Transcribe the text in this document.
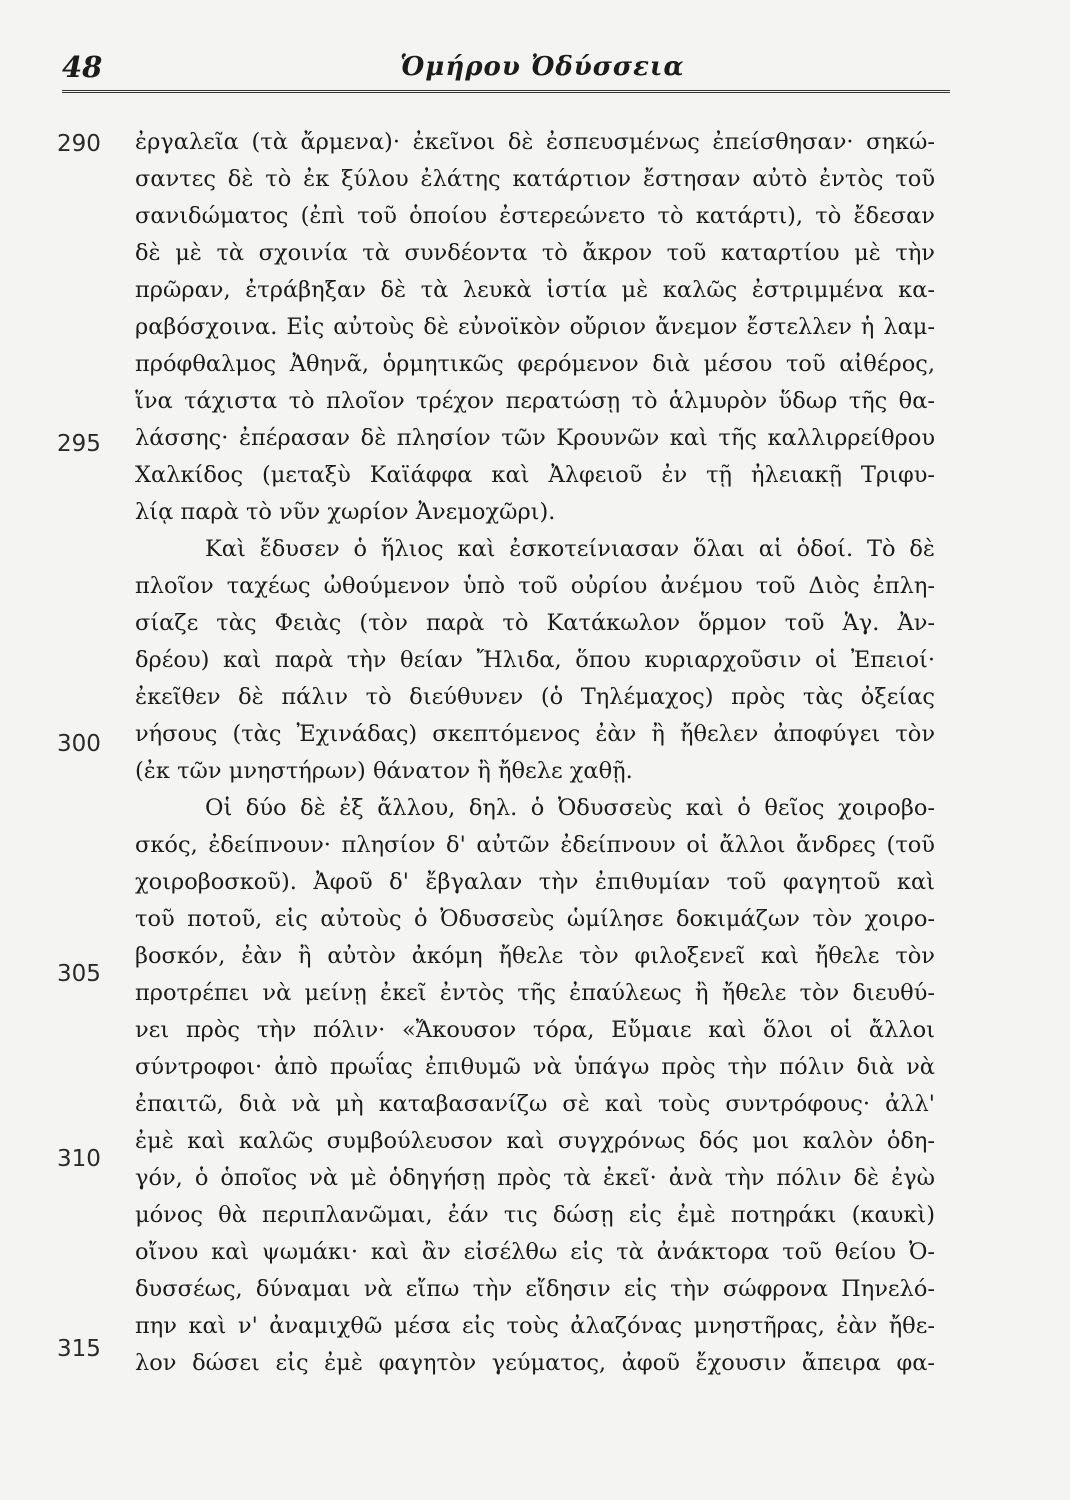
48	Ὁμήρου Ὀδύσσεια
290
295
300
305
310
315
ἐργαλεῖα (τὰ ἄρμενα)· ἐκεῖνοι δὲ ἐσπευσμένως ἐπείσθησαν· σηκώ-
σαντες δὲ τὸ ἐκ ξύλου ἐλάτης κατάρτιον ἔστησαν αὐτὸ ἐντὸς τοῦ
σανιδώματος (ἐπὶ τοῦ ὁποίου ἐστερεώνετο τὸ κατάρτι), τὸ ἔδεσαν
δὲ μὲ τὰ σχοινία τὰ συνδέοντα τὸ ἄκρον τοῦ καταρτίου μὲ τὴν
πρῶραν, ἐτράβηξαν δὲ τὰ λευκὰ ἱστία μὲ καλῶς ἐστριμμένα κα-
ραβόσχοινα. Εἰς αὐτοὺς δὲ εὐνοϊκὸν οὔριον ἄνεμον ἔστελλεν ἡ λαμ-
πρόφθαλμος Ἀθηνᾶ, ὁρμητικῶς φερόμενον διὰ μέσου τοῦ αἰθέρος,
ἵνα τάχιστα τὸ πλοῖον τρέχον περατώσῃ τὸ ἁλμυρὸν ὕδωρ τῆς θα-
λάσσης· ἐπέρασαν δὲ πλησίον τῶν Κρουνῶν καὶ τῆς καλλιρρείθρου
Χαλκίδος (μεταξὺ Καϊάφφα καὶ Ἀλφειοῦ ἐν τῇ ἠλειακῇ Τριφυ-
λίᾳ παρὰ τὸ νῦν χωρίον Ἀνεμοχῶρι).
Καὶ ἔδυσεν ὁ ἥλιος καὶ ἐσκοτείνιασαν ὅλαι αἱ ὁδοί. Τὸ δὲ
πλοῖον ταχέως ὠθούμενον ὑπὸ τοῦ οὐρίου ἀνέμου τοῦ Διὸς ἐπλη-
σίαζε τὰς Φειὰς (τὸν παρὰ τὸ Κατάκωλον ὅρμον τοῦ Ἁγ. Ἀν-
δρέου) καὶ παρὰ τὴν θείαν Ἤλιδα, ὅπου κυριαρχοῦσιν οἱ Ἐπειοί·
ἐκεῖθεν δὲ πάλιν τὸ διεύθυνεν (ὁ Τηλέμαχος) πρὸς τὰς ὀξείας
νήσους (τὰς Ἐχινάδας) σκεπτόμενος ἐὰν ἢ ἤθελεν ἀποφύγει τὸν
(ἐκ τῶν μνηστήρων) θάνατον ἢ ἤθελε χαθῇ.
Οἱ δύο δὲ ἐξ ἄλλου, δηλ. ὁ Ὀδυσσεὺς καὶ ὁ θεῖος χοιροβο-
σκός, ἐδείπνουν· πλησίον δ' αὐτῶν ἐδείπνουν οἱ ἄλλοι ἄνδρες (τοῦ
χοιροβοσκοῦ). Ἀφοῦ δ' ἔβγαλαν τὴν ἐπιθυμίαν τοῦ φαγητοῦ καὶ
τοῦ ποτοῦ, εἰς αὐτοὺς ὁ Ὀδυσσεὺς ὡμίλησε δοκιμάζων τὸν χοιρο-
βοσκόν, ἐὰν ἢ αὐτὸν ἀκόμη ἤθελε τὸν φιλοξενεῖ καὶ ἤθελε τὸν
προτρέπει νὰ μείνῃ ἐκεῖ ἐντὸς τῆς ἐπαύλεως ἢ ἤθελε τὸν διευθύ-
νει πρὸς τὴν πόλιν· «Ἄκουσον τόρα, Εὔμαιε καὶ ὅλοι οἱ ἄλλοι
σύντροφοι· ἀπὸ πρωΐας ἐπιθυμῶ νὰ ὑπάγω πρὸς τὴν πόλιν διὰ νὰ
ἐπαιτῶ, διὰ νὰ μὴ καταβασανίζω σὲ καὶ τοὺς συντρόφους· ἀλλ'
ἐμὲ καὶ καλῶς συμβούλευσον καὶ συγχρόνως δός μοι καλὸν ὁδη-
γόν, ὁ ὁποῖος νὰ μὲ ὁδηγήσῃ πρὸς τὰ ἐκεῖ· ἀνὰ τὴν πόλιν δὲ ἐγὼ
μόνος θὰ περιπλανῶμαι, ἐάν τις δώσῃ εἰς ἐμὲ ποτηράκι (καυκὶ)
οἴνου καὶ ψωμάκι· καὶ ἂν εἰσέλθω εἰς τὰ ἀνάκτορα τοῦ θείου Ὀ-
δυσσέως, δύναμαι νὰ εἴπω τὴν εἴδησιν εἰς τὴν σώφρονα Πηνελό-
πην καὶ ν' ἀναμιχθῶ μέσα εἰς τοὺς ἀλαζόνας μνηστῆρας, ἐὰν ἤθε-
λον δώσει εἰς ἐμὲ φαγητὸν γεύματος, ἀφοῦ ἔχουσιν ἄπειρα φα-
